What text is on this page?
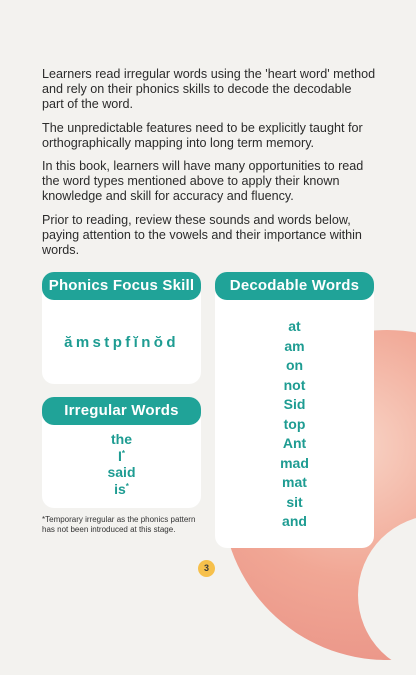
Learners read irregular words using the 'heart word' method and rely on their phonics skills to decode the decodable part of the word.

The unpredictable features need to be explicitly taught for orthographically mapping into long term memory.

In this book, learners will have many opportunities to read the word types mentioned above to apply their known knowledge and skill for accuracy and fluency.

Prior to reading, review these sounds and words below, paying attention to the vowels and their importance within words.

Phonics Focus Skill
Irregular Words
Decodable Words
ămstpfĭnŏd
the
I*
said
is*
at
am
on
not
Sid
top
Ant
mad
mat
sit
and
*Temporary irregular as the phonics pattern has not been introduced at this stage.
3
